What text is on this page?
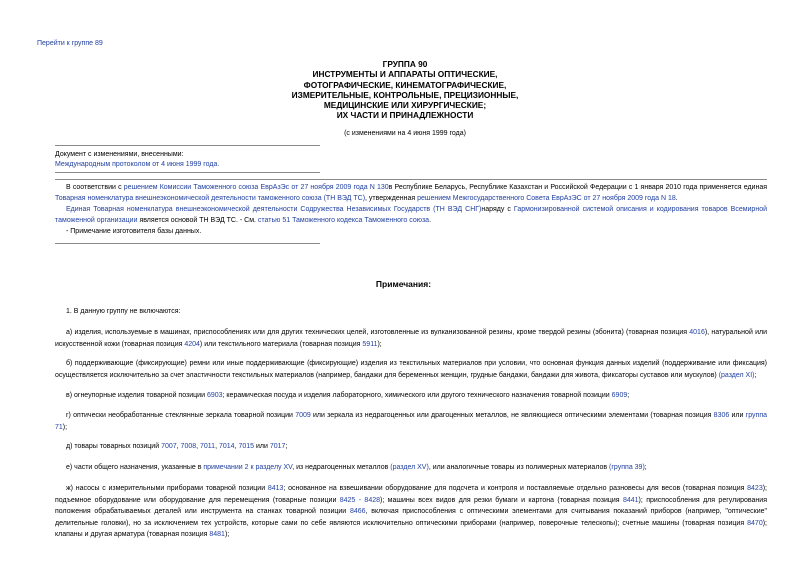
Перейти к группе 89
ГРУППА 90
ИНСТРУМЕНТЫ И АППАРАТЫ ОПТИЧЕСКИЕ,
ФОТОГРАФИЧЕСКИЕ, КИНЕМАТОГРАФИЧЕСКИЕ,
ИЗМЕРИТЕЛЬНЫЕ, КОНТРОЛЬНЫЕ, ПРЕЦИЗИОННЫЕ,
МЕДИЦИНСКИЕ ИЛИ ХИРУРГИЧЕСКИЕ;
ИХ ЧАСТИ И ПРИНАДЛЕЖНОСТИ
(с изменениями на 4 июня 1999 года)
Документ с изменениями, внесенными:
Международным протоколом от 4 июня 1999 года.
В соответствии с решением Комиссии Таможенного союза ЕврАзЭс от 27 ноября 2009 года N 130в Республике Беларусь, Республике Казахстан и Российской Федерации с 1 января 2010 года применяется единая Товарная номенклатура внешнеэкономической деятельности таможенного союза (ТН ВЭД ТС), утвержденная решением Межгосударственного Совета ЕврАзЭС от 27 ноября 2009 года N 18.
Единая Товарная номенклатура внешнеэкономической деятельности Содружества Независимых Государств (ТН ВЭД СНГ)наряду с Гармонизированной системой описания и кодирования товаров Всемирной таможенной организации является основой ТН ВЭД ТС. - См. статью 51 Таможенного кодекса Таможенного союза.
- Примечание изготовителя базы данных.
Примечания:
1. В данную группу не включаются:
а) изделия, используемые в машинах, приспособлениях или для других технических целей, изготовленные из вулканизованной резины, кроме твердой резины (эбонита) (товарная позиция 4016), натуральной или искусственной кожи (товарная позиция 4204) или текстильного материала (товарная позиция 5911);
б) поддерживающие (фиксирующие) ремни или иные поддерживающие (фиксирующие) изделия из текстильных материалов при условии, что основная функция данных изделий (поддерживание или фиксация) осуществляется исключительно за счет эластичности текстильных материалов (например, бандажи для беременных женщин, грудные бандажи, бандажи для живота, фиксаторы суставов или мускулов) (раздел XI);
в) огнеупорные изделия товарной позиции 6903; керамическая посуда и изделия лабораторного, химического или другого технического назначения товарной позиции 6909;
г) оптически необработанные стеклянные зеркала товарной позиции 7009 или зеркала из недрагоценных или драгоценных металлов, не являющиеся оптическими элементами (товарная позиция 8306 или группа 71);
д) товары товарных позиций 7007, 7008, 7011, 7014, 7015 или 7017;
е) части общего назначения, указанные в примечании 2 к разделу XV, из недрагоценных металлов (раздел XV), или аналогичные товары из полимерных материалов (группа 39);
ж) насосы с измерительными приборами товарной позиции 8413; основанное на взвешивании оборудование для подсчета и контроля и поставляемые отдельно разновесы для весов (товарная позиция 8423); подъемное оборудование или оборудование для перемещения (товарные позиции 8425 - 8428); машины всех видов для резки бумаги и картона (товарная позиция 8441); приспособления для регулирования положения обрабатываемых деталей или инструмента на станках товарной позиции 8466, включая приспособления с оптическими элементами для считывания показаний приборов (например, "оптические" делительные головки), но за исключением тех устройств, которые сами по себе являются исключительно оптическими приборами (например, поверочные телескопы); счетные машины (товарная позиция 8470); клапаны и другая арматура (товарная позиция 8481);
